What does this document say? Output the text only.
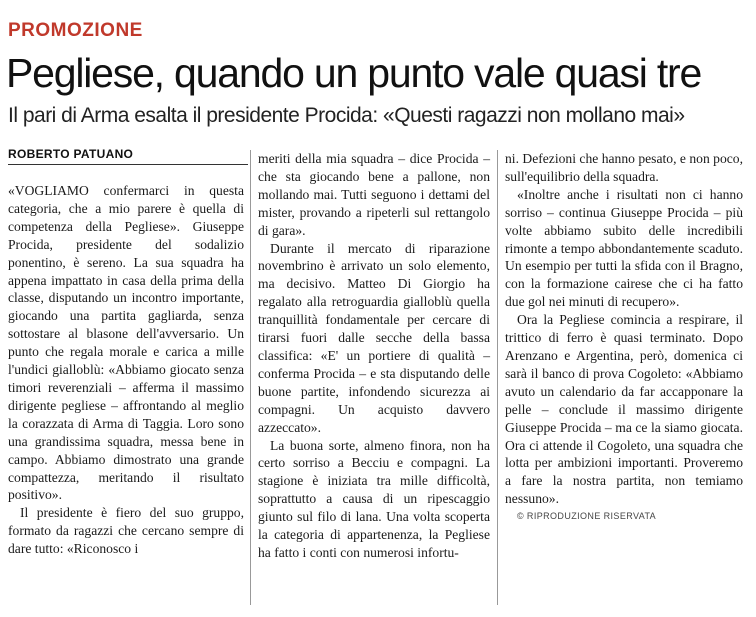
PROMOZIONE
Pegliese, quando un punto vale quasi tre
Il pari di Arma esalta il presidente Procida: «Questi ragazzi non mollano mai»
ROBERTO PATUANO

«VOGLIAMO confermarci in questa categoria, che a mio parere è quella di competenza della Pegliese». Giuseppe Procida, presidente del sodalizio ponentino, è sereno. La sua squadra ha appena impattato in casa della prima della classe, disputando un incontro importante, giocando una partita gagliarda, senza sottostare al blasone dell'avversario. Un punto che regala morale e carica a mille l'undici gialloblù: «Abbiamo giocato senza timori reverenziali – afferma il massimo dirigente pegliese – affrontando al meglio la corazzata di Arma di Taggia. Loro sono una grandissima squadra, messa bene in campo. Abbiamo dimostrato una grande compattezza, meritando il risultato positivo».

Il presidente è fiero del suo gruppo, formato da ragazzi che cercano sempre di dare tutto: «Riconosco i

meriti della mia squadra – dice Procida – che sta giocando bene a pallone, non mollando mai. Tutti seguono i dettami del mister, provando a ripeterli sul rettangolo di gara».

Durante il mercato di riparazione novembrino è arrivato un solo elemento, ma decisivo. Matteo Di Giorgio ha regalato alla retroguardia gialloblù quella tranquillità fondamentale per cercare di tirarsi fuori dalle secche della bassa classifica: «E' un portiere di qualità – conferma Procida – e sta disputando delle buone partite, infondendo sicurezza ai compagni. Un acquisto davvero azzeccato».

La buona sorte, almeno finora, non ha certo sorriso a Becciu e compagni. La stagione è iniziata tra mille difficoltà, soprattutto a causa di un ripescaggio giunto sul filo di lana. Una volta scoperta la categoria di appartenenza, la Pegliese ha fatto i conti con numerosi infortu-

ni. Defezioni che hanno pesato, e non poco, sull'equilibrio della squadra.

«Inoltre anche i risultati non ci hanno sorriso – continua Giuseppe Procida – più volte abbiamo subito delle incredibili rimonte a tempo abbondantemente scaduto. Un esempio per tutti la sfida con il Bragno, con la formazione cairese che ci ha fatto due gol nei minuti di recupero».

Ora la Pegliese comincia a respirare, il trittico di ferro è quasi terminato. Dopo Arenzano e Argentina, però, domenica ci sarà il banco di prova Cogoleto: «Abbiamo avuto un calendario da far accapponare la pelle – conclude il massimo dirigente Giuseppe Procida – ma ce la siamo giocata. Ora ci attende il Cogoleto, una squadra che lotta per ambizioni importanti. Proveremo a fare la nostra partita, non temiamo nessuno».

© RIPRODUZIONE RISERVATA
